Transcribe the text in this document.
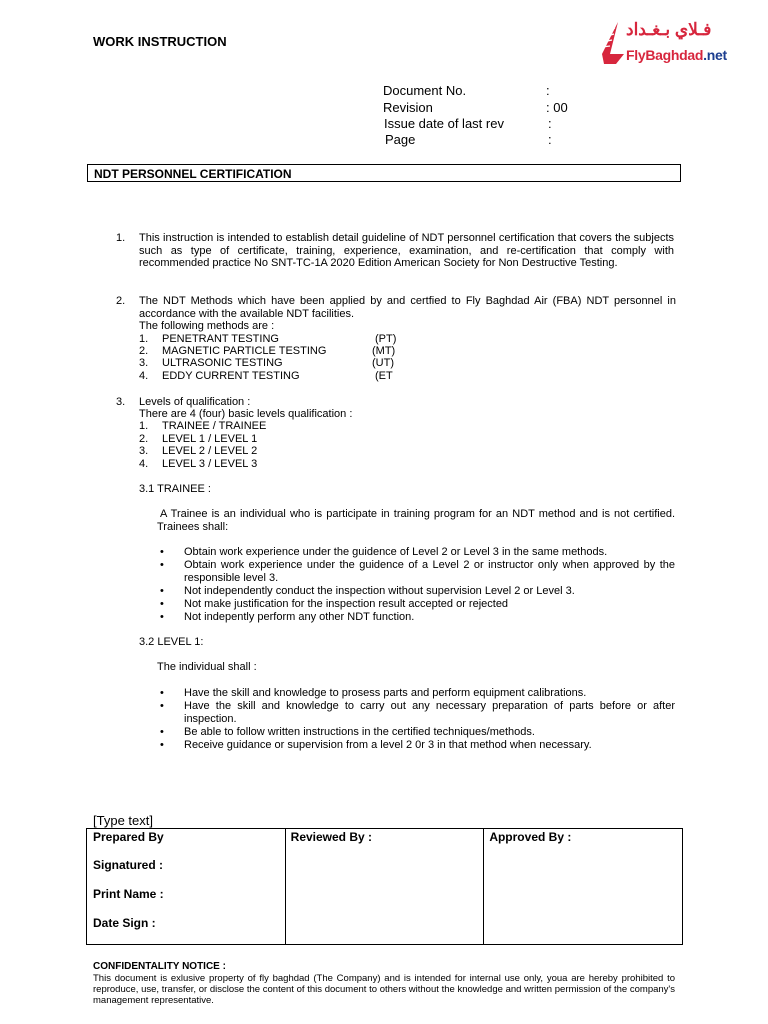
WORK INSTRUCTION
فـلاي بـغـداد
FlyBaghdad.net
Document No.	:
Revision	: 00
Issue date of last rev	:
Page	:
NDT PERSONNEL CERTIFICATION
1. This instruction is intended to establish detail guideline of NDT personnel certification that covers the subjects such as type of certificate, training, experience, examination, and re-certification that comply with recommended practice No SNT-TC-1A 2020 Edition American Society for Non Destructive Testing.
2. The NDT Methods which have been applied by and certfied to Fly Baghdad Air (FBA) NDT personnel in accordance with the available NDT facilities.
The following methods are :
1. PENETRANT TESTING	(PT)
2. MAGNETIC PARTICLE TESTING	(MT)
3. ULTRASONIC TESTING	(UT)
4. EDDY CURRENT TESTING	(ET
3. Levels of qualification :
There are 4 (four) basic levels qualification :
1. TRAINEE / TRAINEE
2. LEVEL 1 / LEVEL 1
3. LEVEL 2 / LEVEL 2
4. LEVEL 3 / LEVEL 3
3.1 TRAINEE :
A Trainee is an individual who is participate in training program for an NDT method and is not certified. Trainees shall:
• Obtain work experience under the guidence of Level 2 or Level 3 in the same methods.
• Obtain work experience under the guidence of a Level 2 or instructor only when approved by the responsible level 3.
• Not independently conduct the inspection without supervision Level 2 or Level 3.
• Not make justification for the inspection result accepted or rejected
• Not indepently perform any other NDT function.
3.2 LEVEL 1:
The individual shall :
• Have the skill and knowledge to prosess parts and perform equipment calibrations.
• Have the skill and knowledge to carry out any necessary preparation of parts before or after inspection.
• Be able to follow written instructions in the certified techniques/methods.
• Receive guidance or supervision from a level 2 0r 3 in that method when necessary.
[Type text]
Prepared By
Signatured :
Print Name :
Date Sign :

Reviewed By :	Approved By :
CONFIDENTALITY NOTICE :
This document is exlusive property of fly baghdad (The Company) and is intended for internal use only, youa are hereby prohibited to reproduce, use, transfer, or disclose the content of this document to others without the knowledge and written permission of the company's management representative.
